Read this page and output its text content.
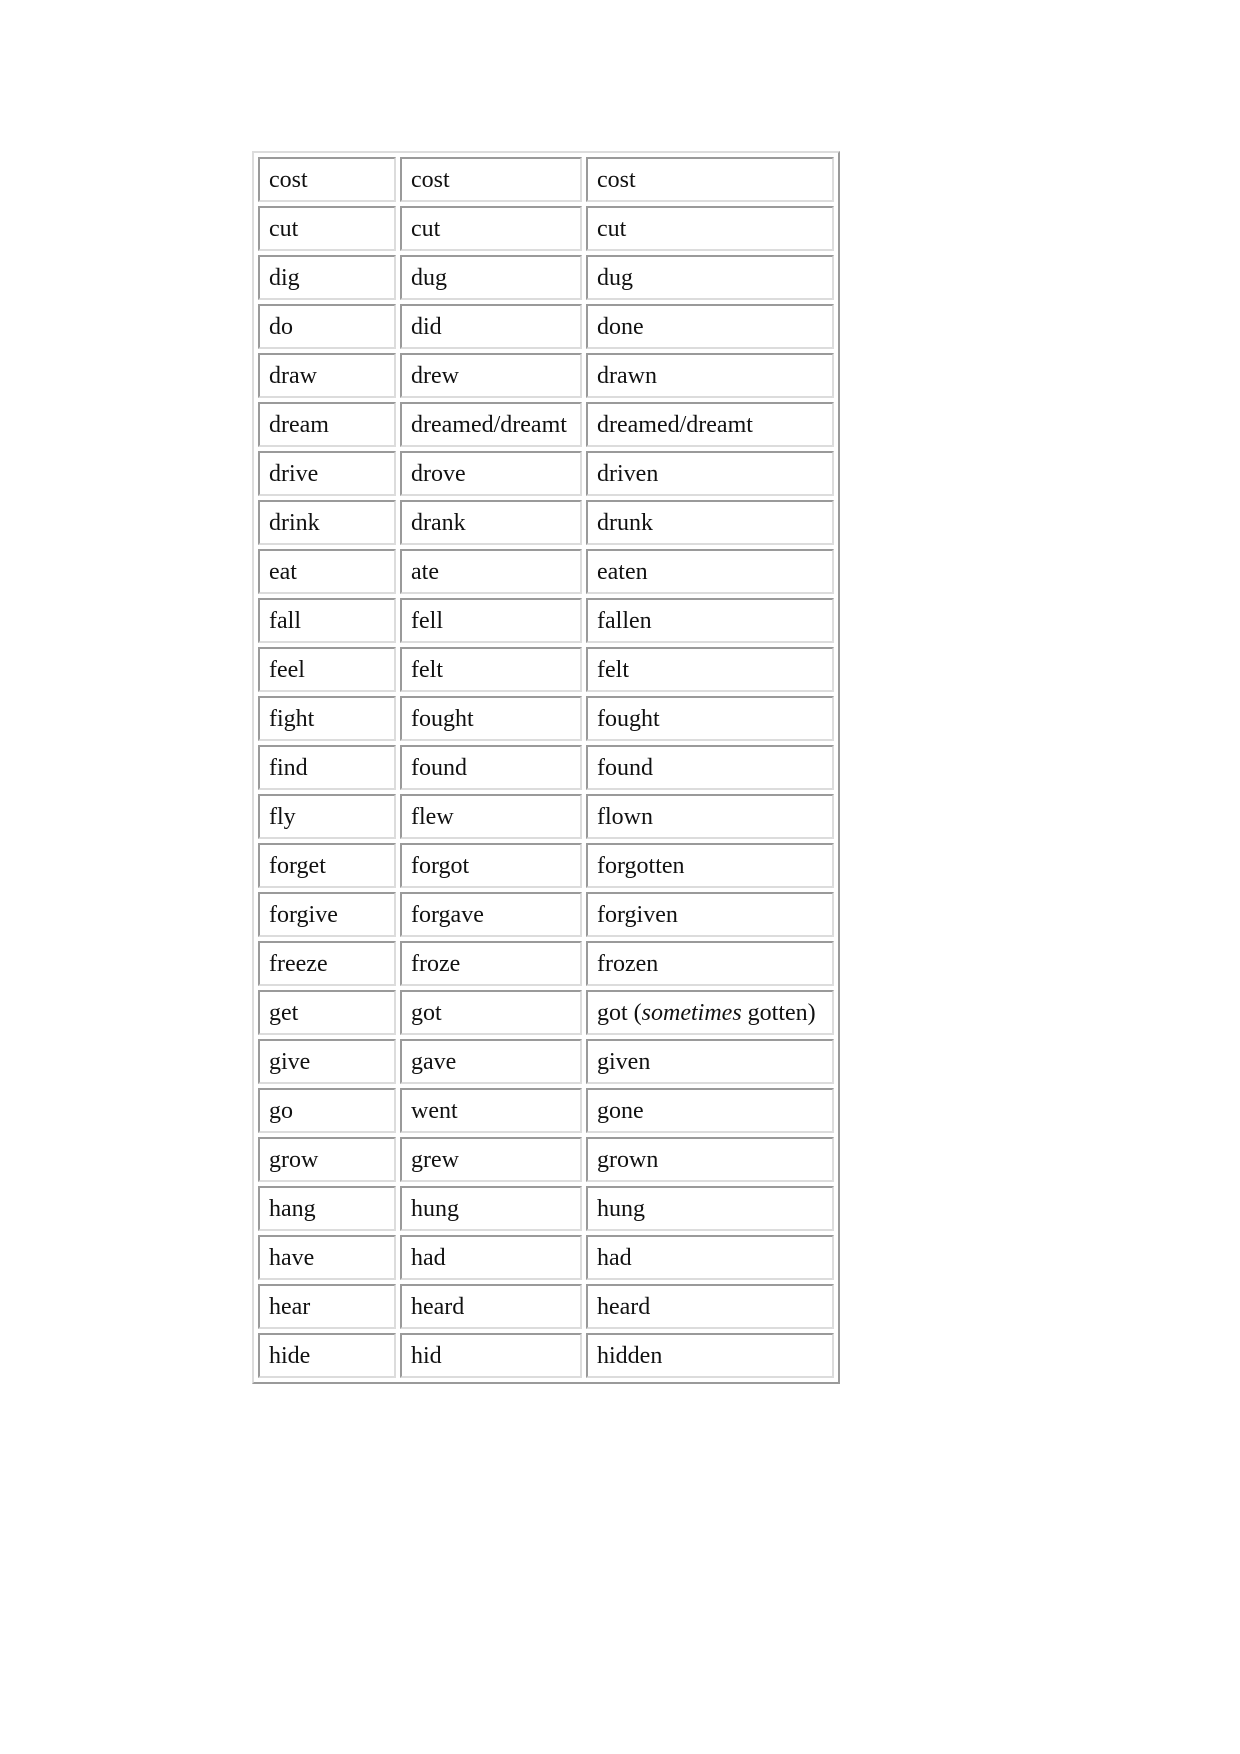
cost	cost	cost
cut	cut	cut
dig	dug	dug
do	did	done
draw	drew	drawn
dream	dreamed/dreamt	dreamed/dreamt
drive	drove	driven
drink	drank	drunk
eat	ate	eaten
fall	fell	fallen
feel	felt	felt
fight	fought	fought
find	found	found
fly	flew	flown
forget	forgot	forgotten
forgive	forgave	forgiven
freeze	froze	frozen
get	got	got (sometimes gotten)
give	gave	given
go	went	gone
grow	grew	grown
hang	hung	hung
have	had	had
hear	heard	heard
hide	hid	hidden
